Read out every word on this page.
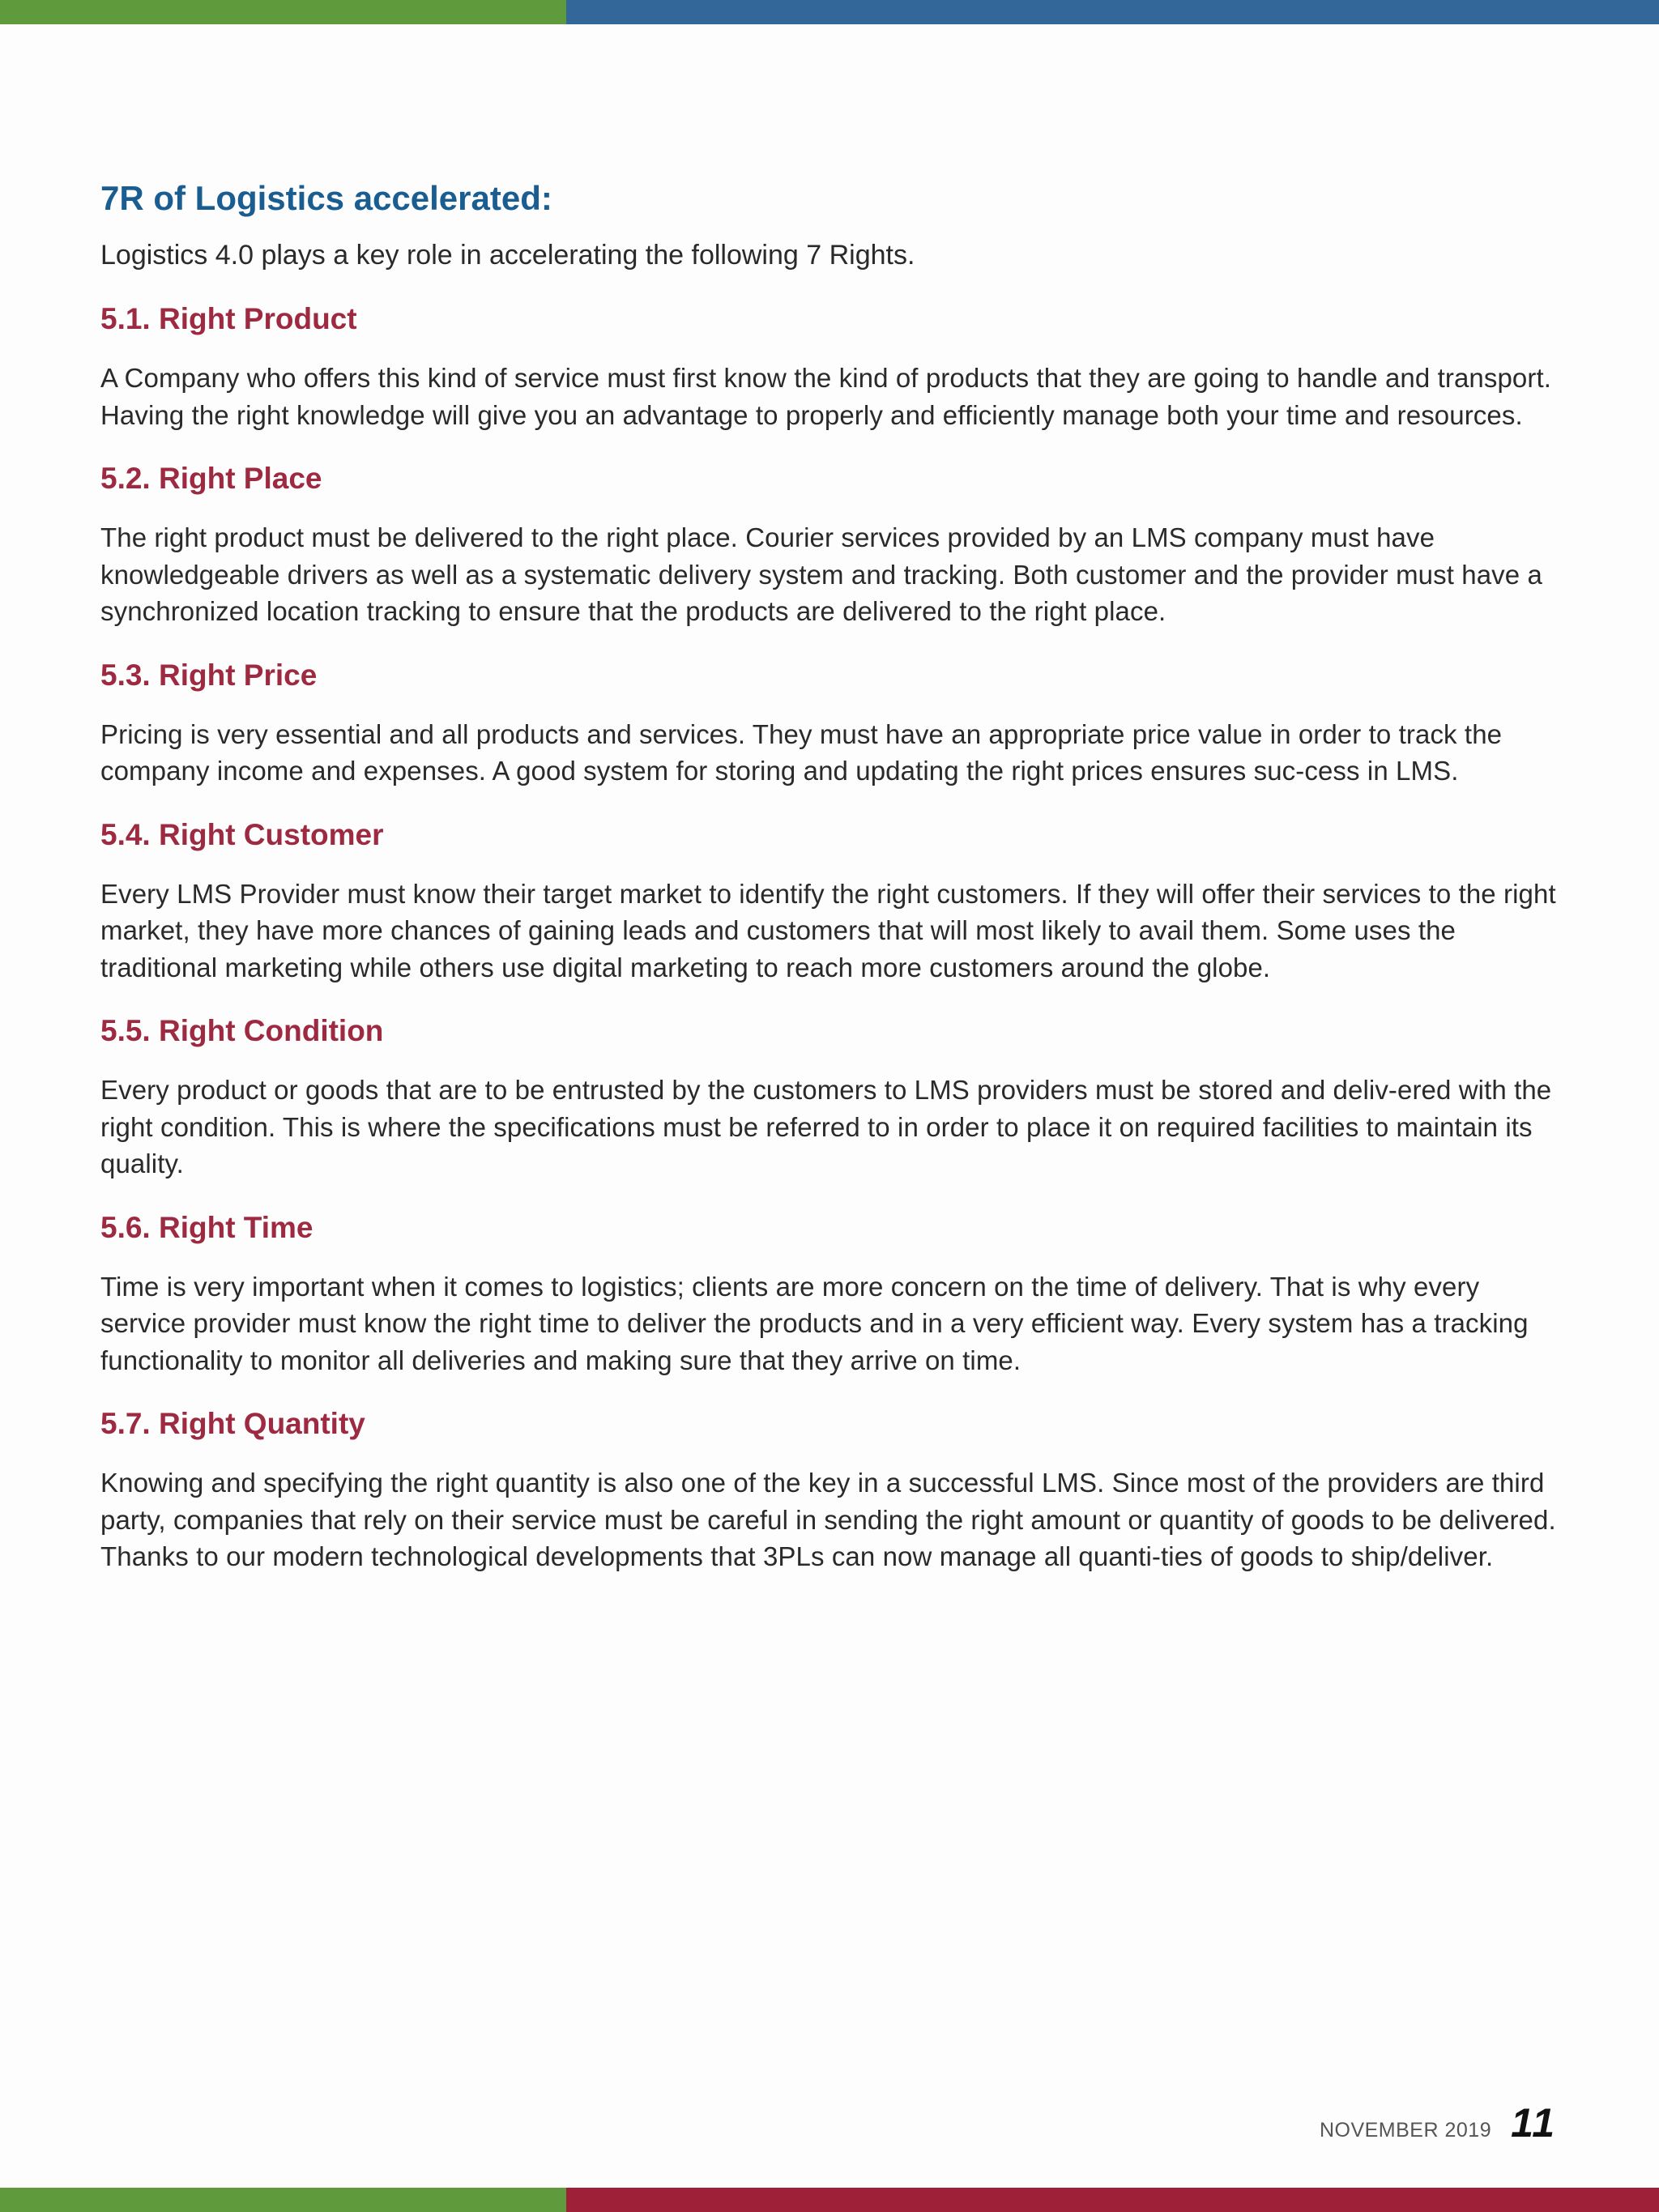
7R of Logistics accelerated:

Logistics 4.0 plays a key role in accelerating the following 7 Rights.

5.1. Right Product

A Company who offers this kind of service must first know the kind of products that they are going to handle and transport. Having the right knowledge will give you an advantage to properly and efficiently manage both your time and resources.

5.2. Right Place

The right product must be delivered to the right place. Courier services provided by an LMS company must have knowledgeable drivers as well as a systematic delivery system and tracking. Both customer and the provider must have a synchronized location tracking to ensure that the products are delivered to the right place.

5.3. Right Price

Pricing is very essential and all products and services. They must have an appropriate price value in order to track the company income and expenses. A good system for storing and updating the right prices ensures suc-cess in LMS.

5.4. Right Customer

Every LMS Provider must know their target market to identify the right customers. If they will offer their services to the right market, they have more chances of gaining leads and customers that will most likely to avail them. Some uses the traditional marketing while others use digital marketing to reach more customers around the globe.

5.5. Right Condition

Every product or goods that are to be entrusted by the customers to LMS providers must be stored and deliv-ered with the right condition. This is where the specifications must be referred to in order to place it on required facilities to maintain its quality.

5.6. Right Time

Time is very important when it comes to logistics; clients are more concern on the time of delivery. That is why every service provider must know the right time to deliver the products and in a very efficient way. Every system has a tracking functionality to monitor all deliveries and making sure that they arrive on time.

5.7. Right Quantity

Knowing and specifying the right quantity is also one of the key in a successful LMS. Since most of the providers are third party, companies that rely on their service must be careful in sending the right amount or quantity of goods to be delivered. Thanks to our modern technological developments that 3PLs can now manage all quanti-ties of goods to ship/deliver.

NOVEMBER 2019 11
